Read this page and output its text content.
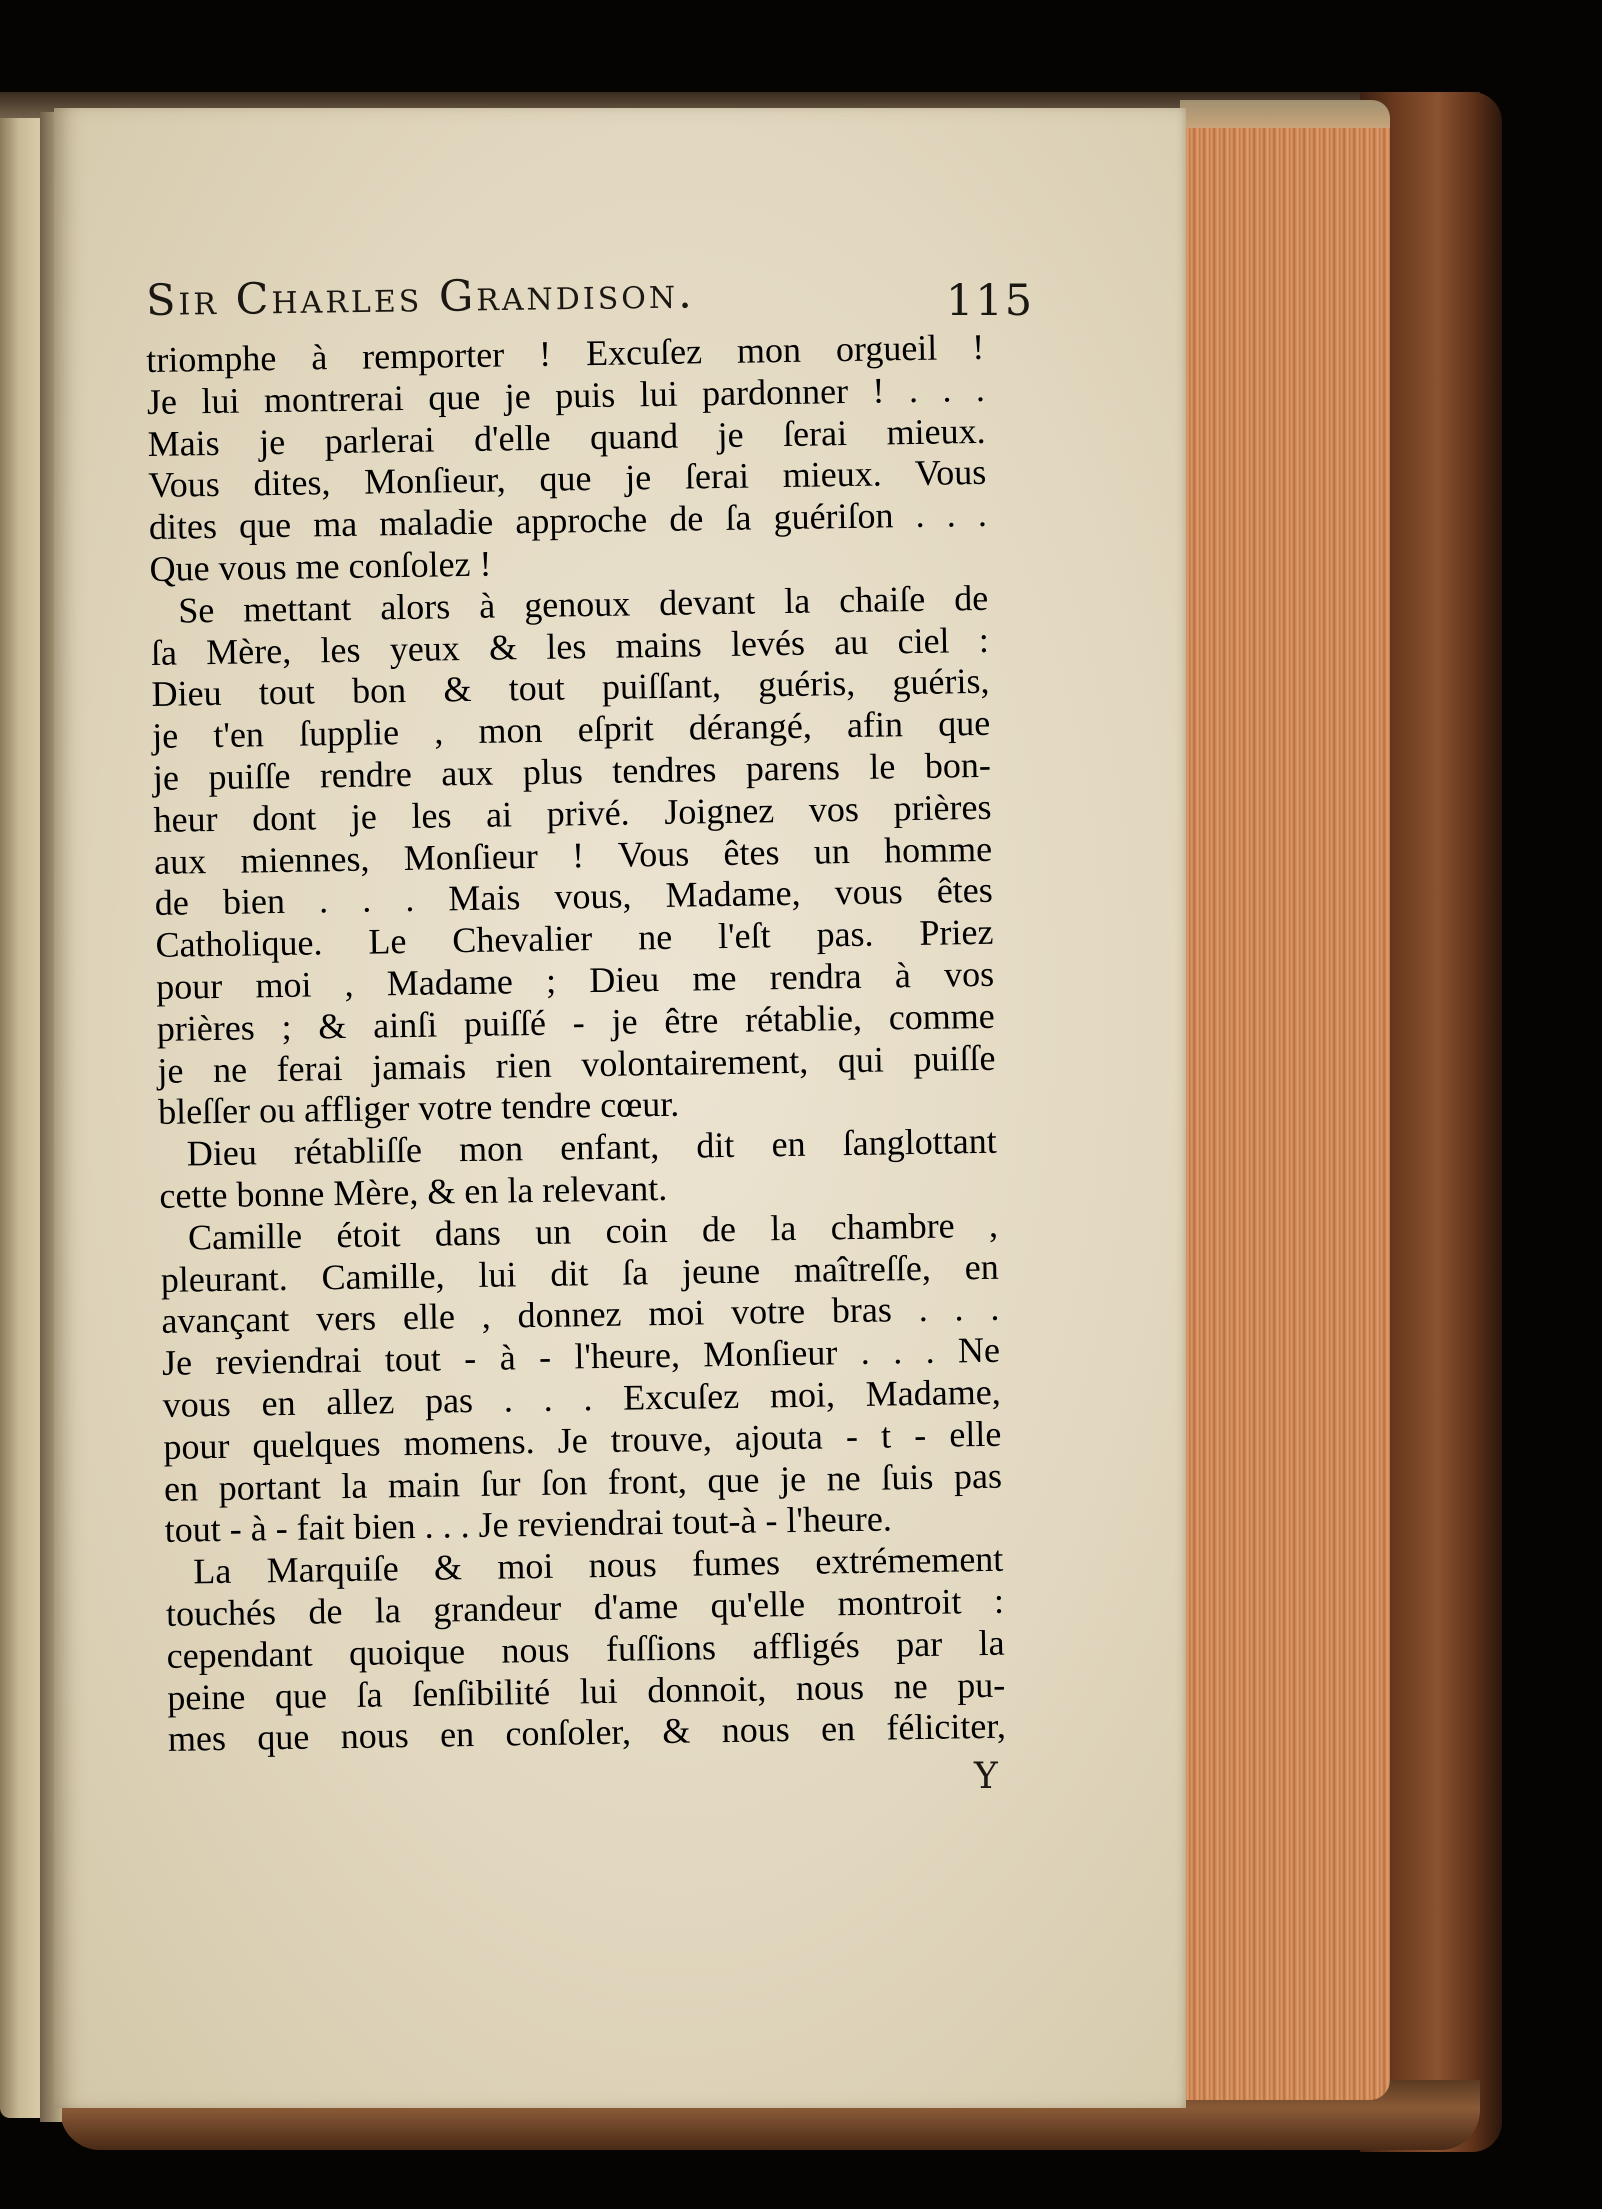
Sir Charles Grandison.	115
triomphe à remporter ! Excuſez mon orgueil !
Je lui montrerai que je puis lui pardonner ! . . .
Mais je parlerai d'elle quand je ſerai mieux.
Vous dites, Monſieur, que je ſerai mieux. Vous
dites que ma maladie approche de ſa guériſon . . .
Que vous me conſolez !
Se mettant alors à genoux devant la chaiſe de
ſa Mère, les yeux & les mains levés au ciel :
Dieu tout bon & tout puiſſant, guéris, guéris,
je t'en ſupplie , mon eſprit dérangé, afin que
je puiſſe rendre aux plus tendres parens le bon-
heur dont je les ai privé. Joignez vos prières
aux miennes, Monſieur ! Vous êtes un homme
de bien . . . Mais vous, Madame, vous êtes
Catholique. Le Chevalier ne l'eſt pas. Priez
pour moi , Madame ; Dieu me rendra à vos
prières ; & ainſi puiſſé - je être rétablie, comme
je ne ferai jamais rien volontairement, qui puiſſe
bleſſer ou affliger votre tendre cœur.
Dieu rétabliſſe mon enfant, dit en ſanglottant
cette bonne Mère, & en la relevant.
Camille étoit dans un coin de la chambre ,
pleurant. Camille, lui dit ſa jeune maîtreſſe, en
avançant vers elle , donnez moi votre bras . . .
Je reviendrai tout - à - l'heure, Monſieur . . . Ne
vous en allez pas . . . Excuſez moi, Madame,
pour quelques momens. Je trouve, ajouta - t - elle
en portant la main ſur ſon front, que je ne ſuis pas
tout - à - fait bien . . . Je reviendrai tout-à - l'heure.
La Marquiſe & moi nous fumes extrémement
touchés de la grandeur d'ame qu'elle montroit :
cependant quoique nous fuſſions affligés par la
peine que ſa ſenſibilité lui donnoit, nous ne pu-
mes que nous en conſoler, & nous en féliciter,
Y
